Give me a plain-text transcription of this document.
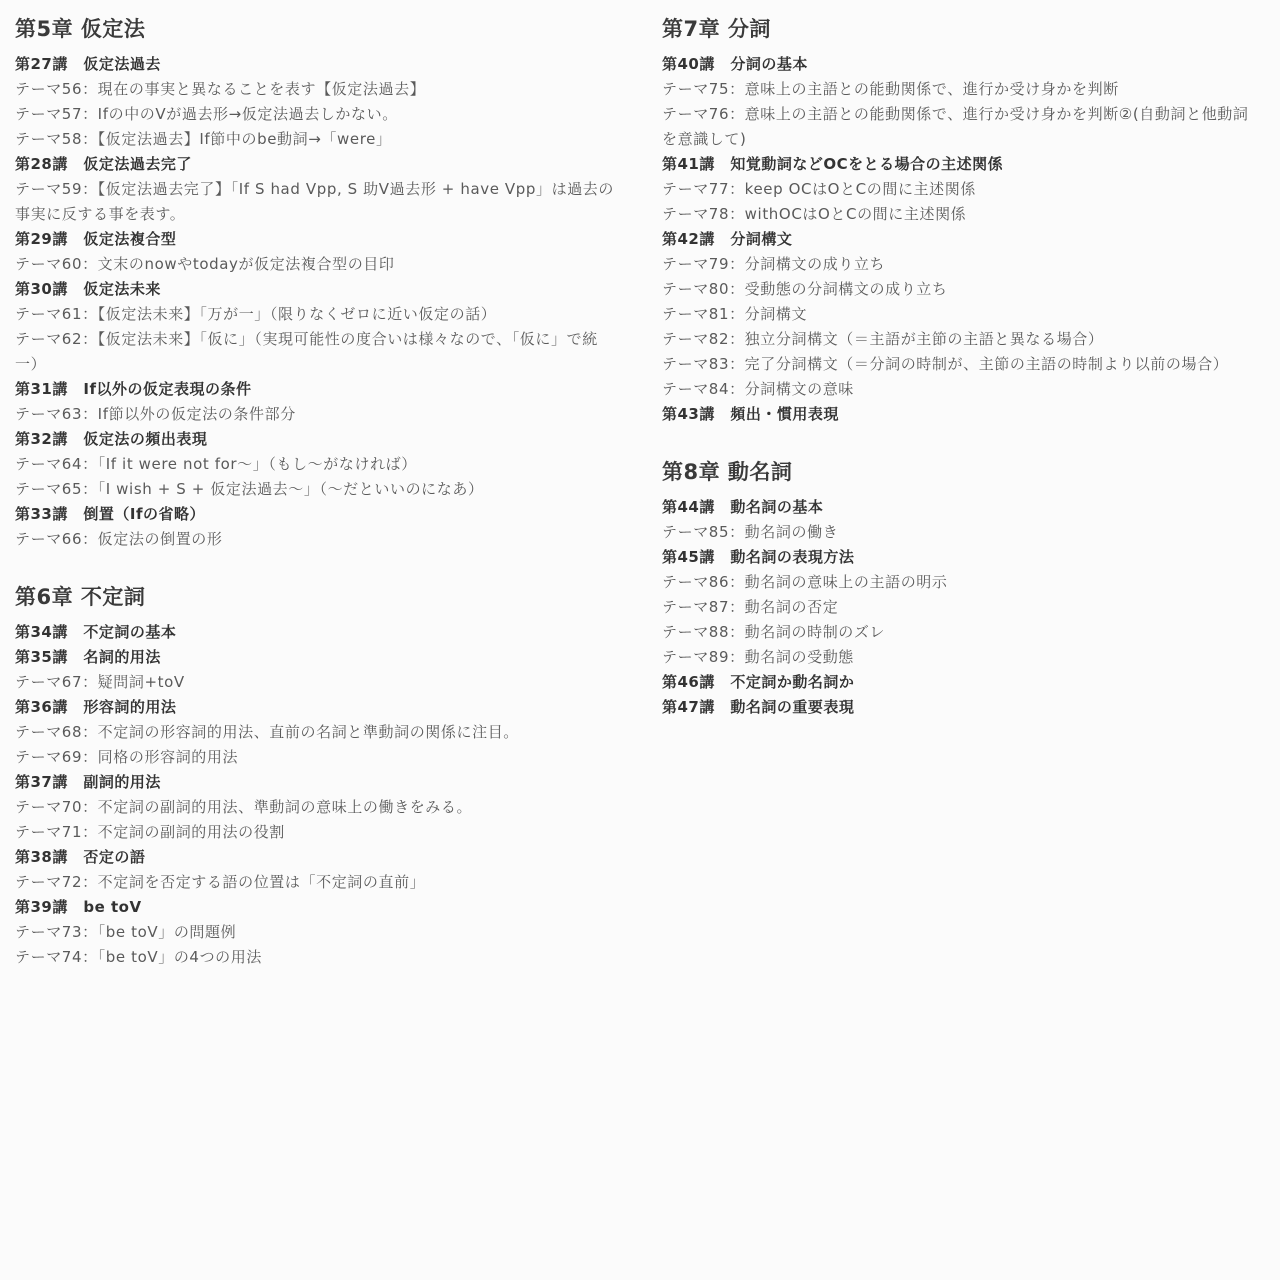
第5章 仮定法
第27講　仮定法過去
テーマ56：現在の事実と異なることを表す【仮定法過去】
テーマ57：Ifの中のVが過去形→仮定法過去しかない。
テーマ58：【仮定法過去】If節中のbe動詞→「were」
第28講　仮定法過去完了
テーマ59：【仮定法過去完了】「If S had Vpp, S 助V過去形 + have Vpp」は過去の事実に反する事を表す。
第29講　仮定法複合型
テーマ60：文末のnowやtodayが仮定法複合型の目印
第30講　仮定法未来
テーマ61：【仮定法未来】「万が一」（限りなくゼロに近い仮定の話）
テーマ62：【仮定法未来】「仮に」（実現可能性の度合いは様々なので、「仮に」で統一）
第31講　If以外の仮定表現の条件
テーマ63：If節以外の仮定法の条件部分
第32講　仮定法の頻出表現
テーマ64：「If it were not for～」（もし～がなければ）
テーマ65：「I wish + S + 仮定法過去～」（～だといいのになあ）
第33講　倒置（Ifの省略）
テーマ66：仮定法の倒置の形
第6章 不定詞
第34講　不定詞の基本
第35講　名詞的用法
テーマ67：疑問詞+toV
第36講　形容詞的用法
テーマ68：不定詞の形容詞的用法、直前の名詞と準動詞の関係に注目。
テーマ69：同格の形容詞的用法
第37講　副詞的用法
テーマ70：不定詞の副詞的用法、準動詞の意味上の働きをみる。
テーマ71：不定詞の副詞的用法の役割
第38講　否定の語
テーマ72：不定詞を否定する語の位置は「不定詞の直前」
第39講　be toV
テーマ73：「be toV」の問題例
テーマ74：「be toV」の4つの用法
第7章 分詞
第40講　分詞の基本
テーマ75：意味上の主語との能動関係で、進行か受け身かを判断
テーマ76：意味上の主語との能動関係で、進行か受け身かを判断②(自動詞と他動詞を意識して)
第41講　知覚動詞などOCをとる場合の主述関係
テーマ77：keep OCはOとCの間に主述関係
テーマ78：withOCはOとCの間に主述関係
第42講　分詞構文
テーマ79：分詞構文の成り立ち
テーマ80：受動態の分詞構文の成り立ち
テーマ81：分詞構文
テーマ82：独立分詞構文（＝主語が主節の主語と異なる場合）
テーマ83：完了分詞構文（＝分詞の時制が、主節の主語の時制より以前の場合）
テーマ84：分詞構文の意味
第43講　頻出・慣用表現
第8章 動名詞
第44講　動名詞の基本
テーマ85：動名詞の働き
第45講　動名詞の表現方法
テーマ86：動名詞の意味上の主語の明示
テーマ87：動名詞の否定
テーマ88：動名詞の時制のズレ
テーマ89：動名詞の受動態
第46講　不定詞か動名詞か
第47講　動名詞の重要表現
